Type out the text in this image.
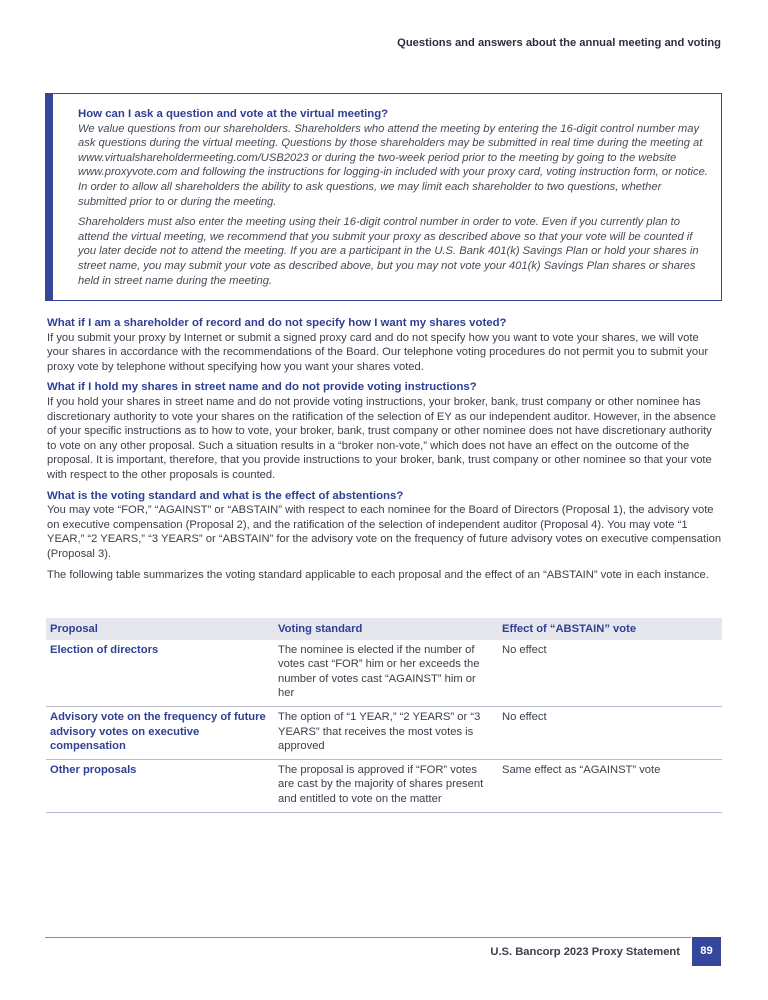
Questions and answers about the annual meeting and voting
How can I ask a question and vote at the virtual meeting?

We value questions from our shareholders. Shareholders who attend the meeting by entering the 16-digit control number may ask questions during the virtual meeting. Questions by those shareholders may be submitted in real time during the meeting at www.virtualshareholdermeeting.com/USB2023 or during the two-week period prior to the meeting by going to the website www.proxyvote.com and following the instructions for logging-in included with your proxy card, voting instruction form, or notice. In order to allow all shareholders the ability to ask questions, we may limit each shareholder to two questions, whether submitted prior to or during the meeting.

Shareholders must also enter the meeting using their 16-digit control number in order to vote. Even if you currently plan to attend the virtual meeting, we recommend that you submit your proxy as described above so that your vote will be counted if you later decide not to attend the meeting. If you are a participant in the U.S. Bank 401(k) Savings Plan or hold your shares in street name, you may submit your vote as described above, but you may not vote your 401(k) Savings Plan shares or shares held in street name during the meeting.

What if I am a shareholder of record and do not specify how I want my shares voted?

If you submit your proxy by Internet or submit a signed proxy card and do not specify how you want to vote your shares, we will vote your shares in accordance with the recommendations of the Board. Our telephone voting procedures do not permit you to submit your proxy vote by telephone without specifying how you want your shares voted.

What if I hold my shares in street name and do not provide voting instructions?

If you hold your shares in street name and do not provide voting instructions, your broker, bank, trust company or other nominee has discretionary authority to vote your shares on the ratification of the selection of EY as our independent auditor. However, in the absence of your specific instructions as to how to vote, your broker, bank, trust company or other nominee does not have discretionary authority to vote on any other proposal. Such a situation results in a “broker non-vote,” which does not have an effect on the outcome of the proposal. It is important, therefore, that you provide instructions to your broker, bank, trust company or other nominee so that your vote with respect to the other proposals is counted.

What is the voting standard and what is the effect of abstentions?

You may vote “FOR,” “AGAINST” or “ABSTAIN” with respect to each nominee for the Board of Directors (Proposal 1), the advisory vote on executive compensation (Proposal 2), and the ratification of the selection of independent auditor (Proposal 4). You may vote “1 YEAR,” “2 YEARS,” “3 YEARS” or “ABSTAIN” for the advisory vote on the frequency of future advisory votes on executive compensation (Proposal 3).

The following table summarizes the voting standard applicable to each proposal and the effect of an “ABSTAIN” vote in each instance.

Proposal	Voting standard	Effect of “ABSTAIN” vote
Election of directors	The nominee is elected if the number of votes cast “FOR” him or her exceeds the number of votes cast “AGAINST” him or her	No effect
Advisory vote on the frequency of future advisory votes on executive compensation	The option of “1 YEAR,” “2 YEARS” or “3 YEARS” that receives the most votes is approved	No effect
Other proposals	The proposal is approved if “FOR” votes are cast by the majority of shares present and entitled to vote on the matter	Same effect as “AGAINST” vote
U.S. Bancorp 2023 Proxy Statement	89
